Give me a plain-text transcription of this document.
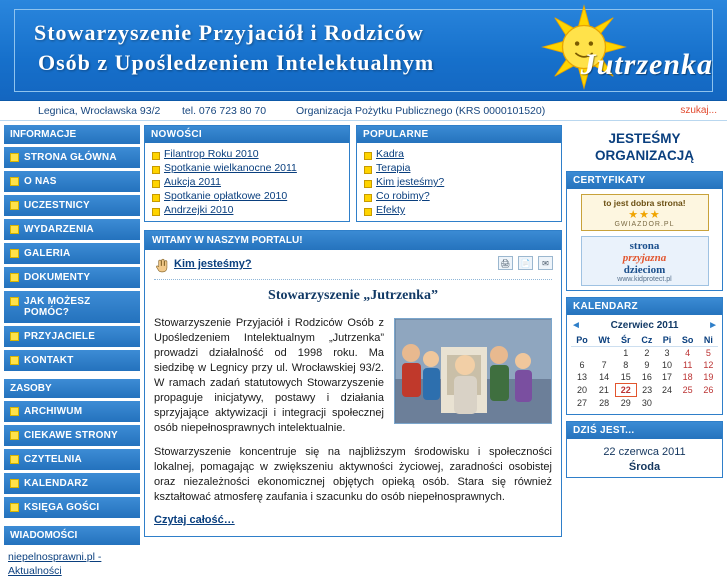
Stowarzyszenie Przyjaciół i Rodziców
Osób z Upośledzeniem Intelektualnym	Jutrzenka
Legnica, Wrocławska 93/2 tel. 076 723 80 70	Organizacja Pożytku Publicznego (KRS 0000101520)	szukaj...
INFORMACJE
STRONA GŁÓWNA
O NAS
UCZESTNICY
WYDARZENIA
GALERIA
DOKUMENTY
JAK MOŻESZ POMÓC?
PRZYJACIELE
KONTAKT
ZASOBY
ARCHIWUM
CIEKAWE STRONY
CZYTELNIA
KALENDARZ
KSIĘGA GOŚCI
WIADOMOŚCI
niepelnosprawni.pl - Aktualności
NOWOŚCI
Filantrop Roku 2010
Spotkanie wielkanocne 2011
Aukcja 2011
Spotkanie opłatkowe 2010
Andrzejki 2010
POPULARNE
Kadra
Terapia
Kim jesteśmy?
Co robimy?
Efekty
WITAMY W NASZYM PORTALU!
🖨 📄 ✉
Kim jesteśmy?
Stowarzyszenie „Jutrzenka”

Stowarzyszenie Przyjaciół i Rodziców Osób z Upośledzeniem Intelektualnym „Jutrzenka” prowadzi działalność od 1998 roku. Ma siedzibę w Legnicy przy ul. Wrocławskiej 93/2. W ramach zadań statutowych Stowarzyszenie propaguje inicjatywy, postawy i działania sprzyjające aktywizacji i integracji społecznej osób niepełnosprawnych intelektualnie.

Stowarzyszenie koncentruje się na najbliższym środowisku i społeczności lokalnej, pomagając w zwiększeniu aktywności życiowej, zaradności osobistej oraz niezależności ekonomicznej objętych opieką osób. Stara się również kształtować atmosferę zaufania i szacunku do osób niepełnosprawnych.

Czytaj całość…
JESTEŚMY
ORGANIZACJĄ
CERTYFIKATY
to jest dobra strona!
★★★
GWIAZDOR.PL
strona
przyjazna
dzieciom
www.kidprotect.pl
KALENDARZ
◄	►
Czerwiec 2011
Po	Wt	Śr	Cz	Pi	So	Ni
		1	2	3	4	5
6	7	8	9	10	11	12
13	14	15	16	17	18	19
20	21	22	23	24	25	26
27	28	29	30			
DZIŚ JEST...
22 czerwca 2011
Środa
